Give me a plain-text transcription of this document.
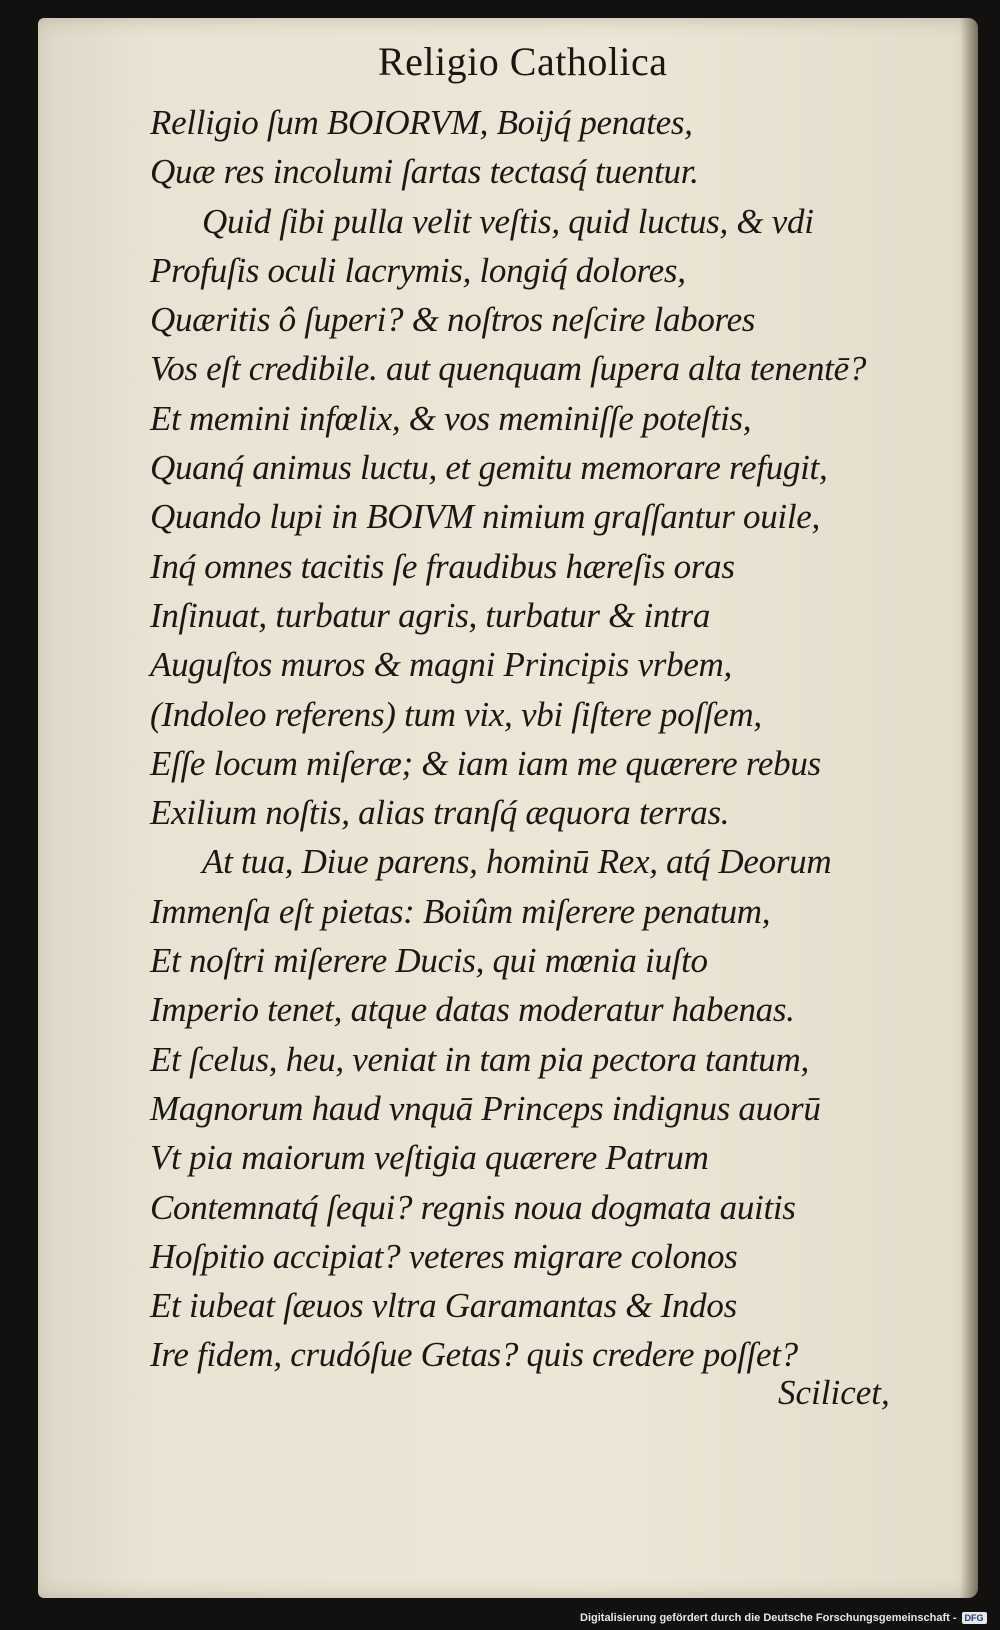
Religio Catholica
Relligio ſum BOIORVM, Boijq́ penates,
Quæ res incolumi ſartas tectasq́ tuentur.
Quid ſibi pulla velit veſtis, quid luctus, & vdi
Profuſis oculi lacrymis, longiq́ dolores,
Quæritis ô ſuperi? & noſtros neſcire labores
Vos eſt credibile. aut quenquam ſupera alta tenentē?
Et memini infœlix, & vos meminiſſe poteſtis,
Quanq́ animus luctu, et gemitu memorare refugit,
Quando lupi in BOIVM nimium graſſantur ouile,
Inq́ omnes tacitis ſe fraudibus hæreſis oras
Inſinuat, turbatur agris, turbatur & intra
Auguſtos muros & magni Principis vrbem,
(Indoleo referens) tum vix, vbi ſiſtere poſſem,
Eſſe locum miſeræ; & iam iam me quærere rebus
Exilium noſtis, alias tranſq́ æquora terras.
At tua, Diue parens, hominū Rex, atq́ Deorum
Immenſa eſt pietas: Boiûm miſerere penatum,
Et noſtri miſerere Ducis, qui mœnia iuſto
Imperio tenet, atque datas moderatur habenas.
Et ſcelus, heu, veniat in tam pia pectora tantum,
Magnorum haud vnquā Princeps indignus auorū
Vt pia maiorum veſtigia quærere Patrum
Contemnatq́ ſequi? regnis noua dogmata auitis
Hoſpitio accipiat? veteres migrare colonos
Et iubeat ſæuos vltra Garamantas & Indos
Ire fidem, crudóſue Getas? quis credere poſſet?

Scilicet,

Digitalisierung gefördert durch die Deutsche Forschungsgemeinschaft - DFG
